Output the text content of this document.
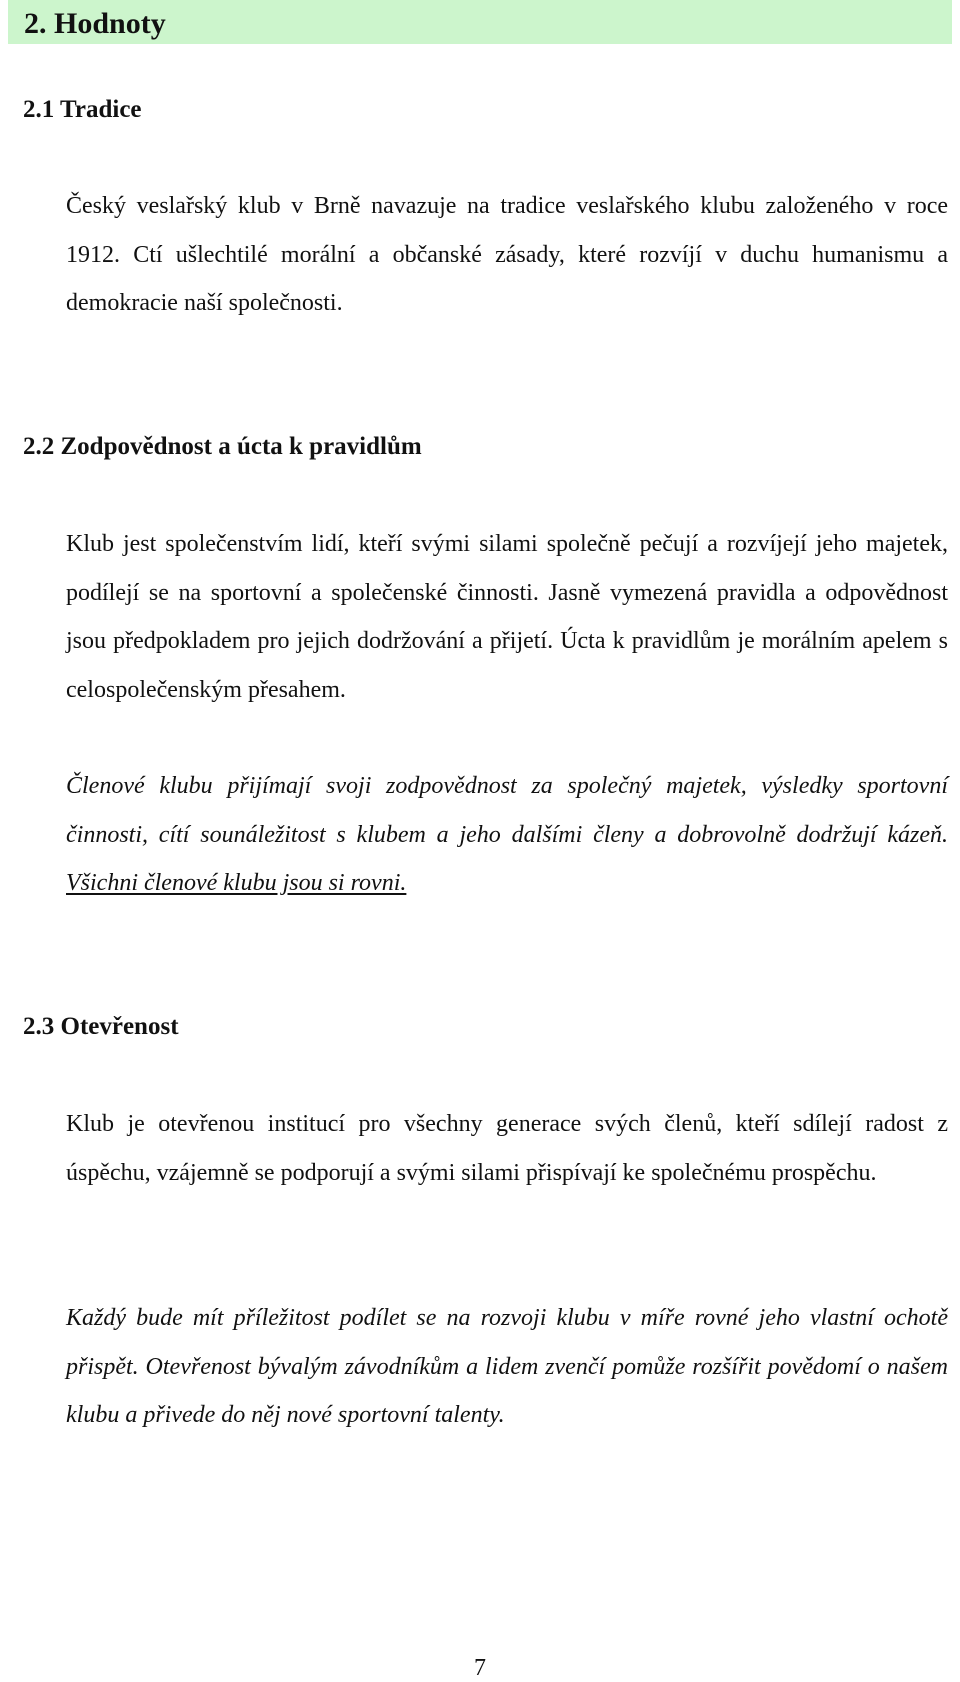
2. Hodnoty
2.1 Tradice

Český veslařský klub v Brně navazuje na tradice veslařského klubu založeného v roce 1912. Ctí ušlechtilé morální a občanské zásady, které rozvíjí v duchu humanismu a demokracie naší společnosti.

2.2 Zodpovědnost a úcta k pravidlům

Klub jest společenstvím lidí, kteří svými silami společně pečují a rozvíjejí jeho majetek, podílejí se na sportovní a společenské činnosti. Jasně vymezená pravidla a odpovědnost jsou předpokladem pro jejich dodržování a přijetí. Úcta k pravidlům je morálním apelem s celospolečenským přesahem.

Členové klubu přijímají svoji zodpovědnost za společný majetek, výsledky sportovní činnosti, cítí sounáležitost s klubem a jeho dalšími členy a dobrovolně dodržují kázeň. Všichni členové klubu jsou si rovni.

2.3 Otevřenost

Klub je otevřenou institucí pro všechny generace svých členů, kteří sdílejí radost z úspěchu, vzájemně se podporují a svými silami přispívají ke společnému prospěchu.

Každý bude mít příležitost podílet se na rozvoji klubu v míře rovné jeho vlastní ochotě přispět. Otevřenost bývalým závodníkům a lidem zvenčí pomůže rozšířit povědomí o našem klubu a přivede do něj nové sportovní talenty.

7
